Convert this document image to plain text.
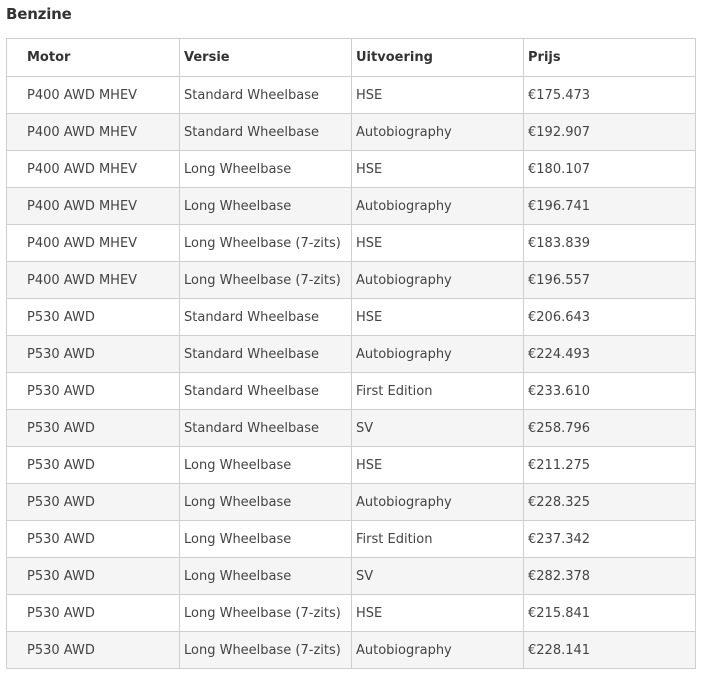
Benzine
Motor	Versie	Uitvoering	Prijs
P400 AWD MHEV	Standard Wheelbase	HSE	€175.473
P400 AWD MHEV	Standard Wheelbase	Autobiography	€192.907
P400 AWD MHEV	Long Wheelbase	HSE	€180.107
P400 AWD MHEV	Long Wheelbase	Autobiography	€196.741
P400 AWD MHEV	Long Wheelbase (7-zits)	HSE	€183.839
P400 AWD MHEV	Long Wheelbase (7-zits)	Autobiography	€196.557
P530 AWD	Standard Wheelbase	HSE	€206.643
P530 AWD	Standard Wheelbase	Autobiography	€224.493
P530 AWD	Standard Wheelbase	First Edition	€233.610
P530 AWD	Standard Wheelbase	SV	€258.796
P530 AWD	Long Wheelbase	HSE	€211.275
P530 AWD	Long Wheelbase	Autobiography	€228.325
P530 AWD	Long Wheelbase	First Edition	€237.342
P530 AWD	Long Wheelbase	SV	€282.378
P530 AWD	Long Wheelbase (7-zits)	HSE	€215.841
P530 AWD	Long Wheelbase (7-zits)	Autobiography	€228.141
